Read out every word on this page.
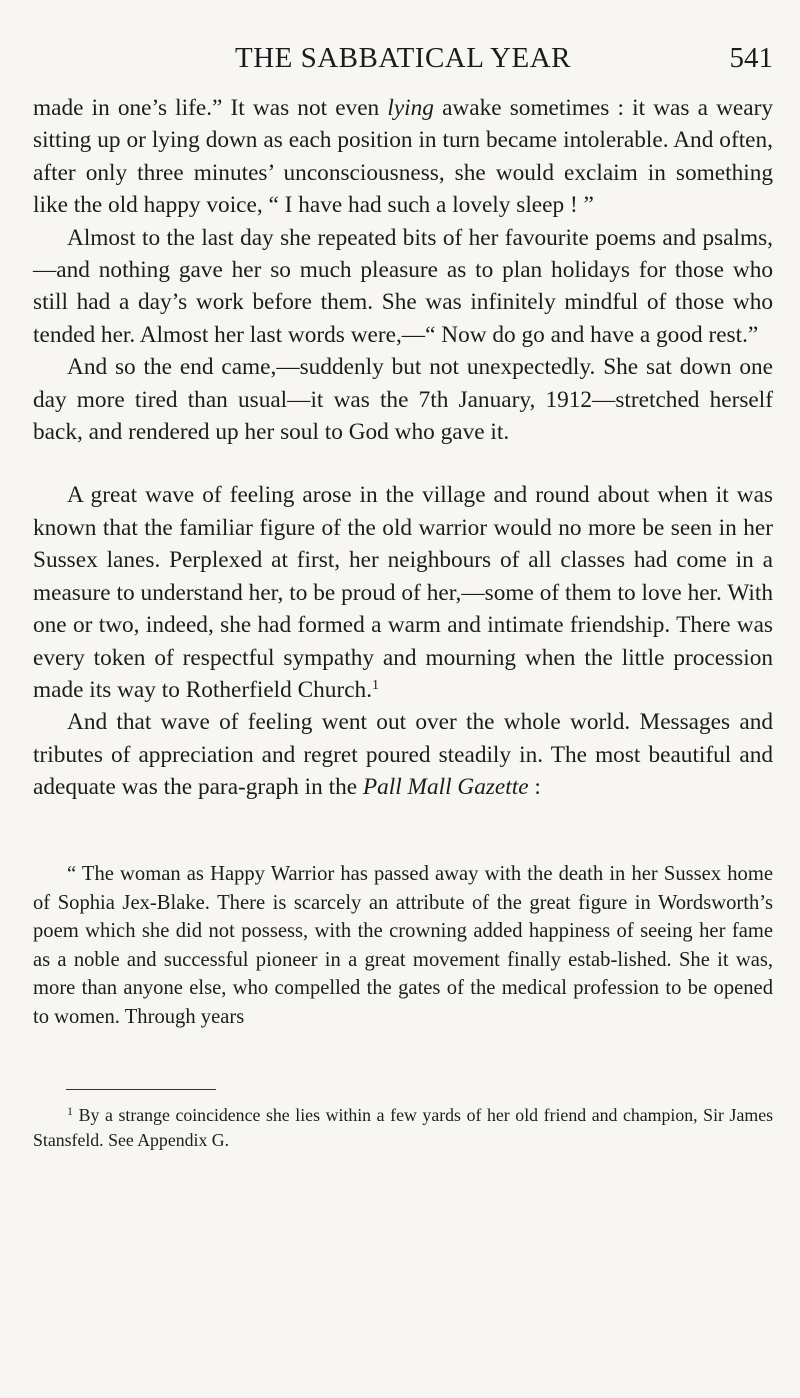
THE SABBATICAL YEAR	541

made in one’s life.” It was not even lying awake sometimes : it was a weary sitting up or lying down as each position in turn became intolerable. And often, after only three minutes’ unconsciousness, she would exclaim in something like the old happy voice, “ I have had such a lovely sleep ! ”

Almost to the last day she repeated bits of her favourite poems and psalms,—and nothing gave her so much pleasure as to plan holidays for those who still had a day’s work before them. She was infinitely mindful of those who tended her. Almost her last words were,—“ Now do go and have a good rest.”

And so the end came,—suddenly but not unexpectedly. She sat down one day more tired than usual—it was the 7th January, 1912—stretched herself back, and rendered up her soul to God who gave it.

A great wave of feeling arose in the village and round about when it was known that the familiar figure of the old warrior would no more be seen in her Sussex lanes. Perplexed at first, her neighbours of all classes had come in a measure to understand her, to be proud of her,—some of them to love her. With one or two, indeed, she had formed a warm and intimate friendship. There was every token of respectful sympathy and mourning when the little procession made its way to Rotherfield Church.$^1$

And that wave of feeling went out over the whole world. Messages and tributes of appreciation and regret poured steadily in. The most beautiful and adequate was the para-graph in the Pall Mall Gazette :

“ The woman as Happy Warrior has passed away with the death in her Sussex home of Sophia Jex-Blake. There is scarcely an attribute of the great figure in Wordsworth’s poem which she did not possess, with the crowning added happiness of seeing her fame as a noble and successful pioneer in a great movement finally estab-lished. She it was, more than anyone else, who compelled the gates of the medical profession to be opened to women. Through years
$^1$ By a strange coincidence she lies within a few yards of her old friend and champion, Sir James Stansfeld. See Appendix G.
